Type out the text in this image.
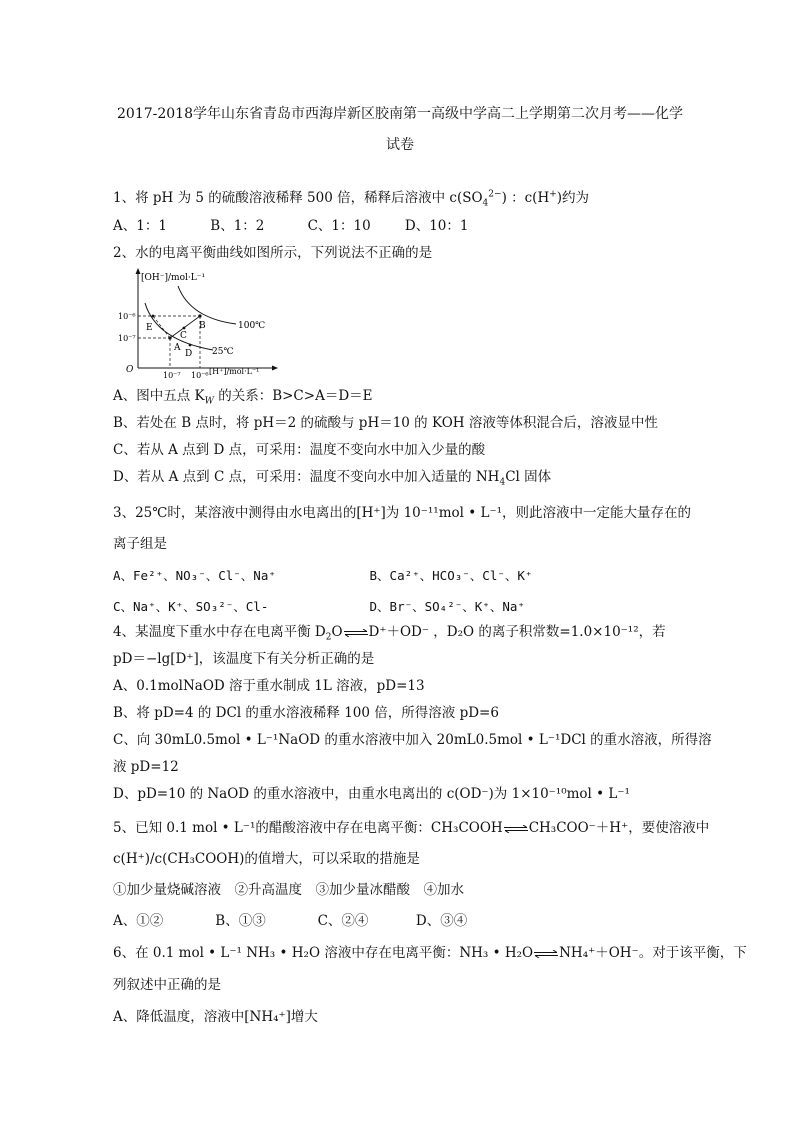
2017-2018学年山东省青岛市西海岸新区胶南第一高级中学高二上学期第二次月考——化学
试卷
1、将 pH 为 5 的硫酸溶液稀释 500 倍，稀释后溶液中 $c(SO_4^{2-})$ ：c(H+)约为
A、1：1	B、1：2	C、1：10	D、10：1
2、水的电离平衡曲线如图所示，下列说法不正确的是
[OH⁻]/mol·L⁻¹
[H⁺]/mol·L⁻¹
O
10⁻⁶
10⁻⁷
10⁻⁷ 10⁻⁶
100℃
25℃
A
B
C
D
E
A、图中五点 $K_W$ 的关系：B>C>A＝D＝E
B、若处在 B 点时，将 pH＝2 的硫酸与 pH＝10 的 KOH 溶液等体积混合后，溶液显中性
C、若从 A 点到 D 点，可采用：温度不变向水中加入少量的酸
D、若从 A 点到 C 点，可采用：温度不变向水中加入适量的 $NH_4Cl$ 固体
3、25℃时，某溶液中测得由水电离出的[H⁺]为 10⁻¹¹mol • L⁻¹，则此溶液中一定能大量存在的
离子组是
A、Fe²⁺、NO₃⁻、Cl⁻、Na⁺	B、Ca²⁺、HCO₃⁻、Cl⁻、K⁺
C、Na⁺、K⁺、SO₃²⁻、Cl-	D、Br⁻、SO₄²⁻、K⁺、Na⁺
4、某温度下重水中存在电离平衡 $D_2O\rightleftharpoons D^++OD^-$ ，D₂O 的离子积常数=1.0×10⁻¹²，若
pD＝−lg[D⁺]，该温度下有关分析正确的是
A、0.1molNaOD 溶于重水制成 1L 溶液，pD=13
B、将 pD=4 的 DCl 的重水溶液稀释 100 倍，所得溶液 pD=6
C、向 30mL0.5mol • L⁻¹NaOD 的重水溶液中加入 20mL0.5mol • L⁻¹DCl 的重水溶液，所得溶
液 pD=12
D、pD=10 的 NaOD 的重水溶液中，由重水电离出的 c(OD⁻)为 1×10⁻¹⁰mol • L⁻¹
5、已知 0.1 mol • L⁻¹的醋酸溶液中存在电离平衡：CH₃COOH⇌CH₃COO⁻＋H⁺，要使溶液中
c(H⁺)/c(CH₃COOH)的值增大，可以采取的措施是
①加少量烧碱溶液　②升高温度　③加少量冰醋酸　④加水
A、①②	B、①③	C、②④	D、③④
6、在 0.1 mol • L⁻¹ NH₃ • H₂O 溶液中存在电离平衡：NH₃ • H₂O⇌NH₄⁺＋OH⁻。对于该平衡，下
列叙述中正确的是
A、降低温度，溶液中[NH₄⁺]增大
